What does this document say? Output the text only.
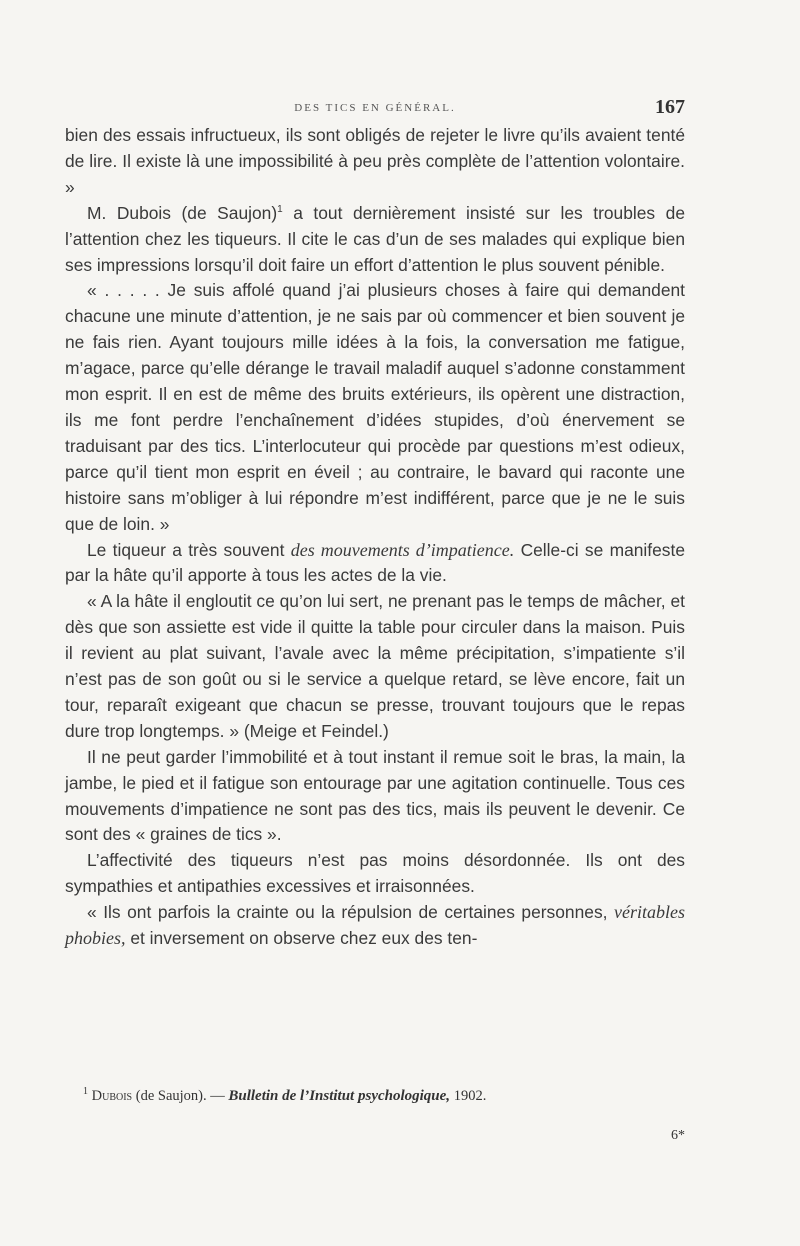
DES TICS EN GÉNÉRAL.	167

bien des essais infructueux, ils sont obligés de rejeter le livre qu’ils avaient tenté de lire. Il existe là une impossibilité à peu près complète de l’attention volontaire. »

M. Dubois (de Saujon)$^1$ a tout dernièrement insisté sur les troubles de l’attention chez les tiqueurs. Il cite le cas d’un de ses malades qui explique bien ses impressions lorsqu’il doit faire un effort d’attention le plus souvent pénible.

« . . . . . Je suis affolé quand j’ai plusieurs choses à faire qui demandent chacune une minute d’attention, je ne sais par où commencer et bien souvent je ne fais rien. Ayant toujours mille idées à la fois, la conversation me fatigue, m’agace, parce qu’elle dérange le travail maladif auquel s’adonne constamment mon esprit. Il en est de même des bruits extérieurs, ils opèrent une distraction, ils me font perdre l’enchaînement d’idées stupides, d’où énervement se traduisant par des tics. L’interlocuteur qui procède par questions m’est odieux, parce qu’il tient mon esprit en éveil ; au contraire, le bavard qui raconte une histoire sans m’obliger à lui répondre m’est indifférent, parce que je ne le suis que de loin. »

Le tiqueur a très souvent des mouvements d’impatience. Celle-ci se manifeste par la hâte qu’il apporte à tous les actes de la vie.

« A la hâte il engloutit ce qu’on lui sert, ne prenant pas le temps de mâcher, et dès que son assiette est vide il quitte la table pour circuler dans la maison. Puis il revient au plat suivant, l’avale avec la même précipitation, s’impatiente s’il n’est pas de son goût ou si le service a quelque retard, se lève encore, fait un tour, reparaît exigeant que chacun se presse, trouvant toujours que le repas dure trop longtemps. » (Meige et Feindel.)

Il ne peut garder l’immobilité et à tout instant il remue soit le bras, la main, la jambe, le pied et il fatigue son entourage par une agitation continuelle. Tous ces mouvements d’impatience ne sont pas des tics, mais ils peuvent le devenir. Ce sont des « graines de tics ».

L’affectivité des tiqueurs n’est pas moins désordonnée. Ils ont des sympathies et antipathies excessives et irraisonnées.

« Ils ont parfois la crainte ou la répulsion de certaines personnes, véritables phobies, et inversement on observe chez eux des ten-

$^1$ Dubois (de Saujon). — Bulletin de l’Institut psychologique, 1902.
6*
